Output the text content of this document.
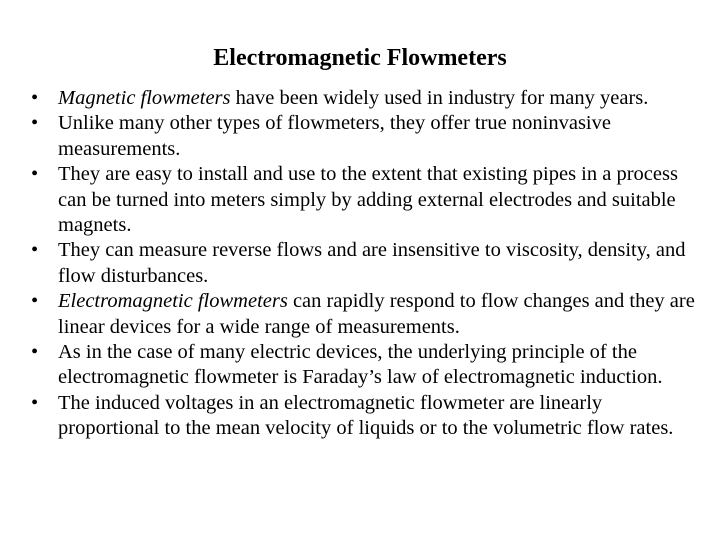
Electromagnetic Flowmeters
• Magnetic flowmeters have been widely used in industry for many years.
• Unlike many other types of flowmeters, they offer true noninvasive measurements.
• They are easy to install and use to the extent that existing pipes in a process can be turned into meters simply by adding external electrodes and suitable magnets.
• They can measure reverse flows and are insensitive to viscosity, density, and flow disturbances.
• Electromagnetic flowmeters can rapidly respond to flow changes and they are linear devices for a wide range of measurements.
• As in the case of many electric devices, the underlying principle of the electromagnetic flowmeter is Faraday’s law of electromagnetic induction.
• The induced voltages in an electromagnetic flowmeter are linearly proportional to the mean velocity of liquids or to the volumetric flow rates.
